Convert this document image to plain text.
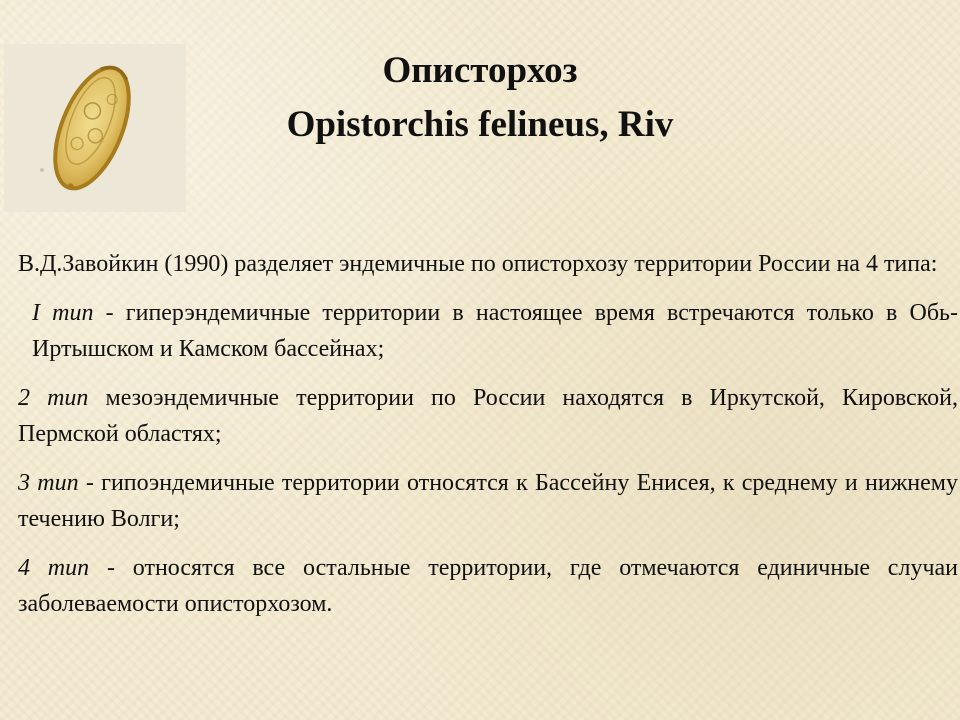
Описторхоз
Opistorchis felineus, Riv

В.Д.Завойкин (1990) разделяет эндемичные по описторхозу территории России на 4 типа:

I тип - гиперэндемичные территории в настоящее время встречаются только в Обь-Иртышском и Камском бассейнах;

2 тип мезоэндемичные территории по России находятся в Иркутской, Кировской, Пермской областях;

3 тип - гипоэндемичные территории относятся к Бассейну Енисея, к среднему и нижнему течению Волги;

4 тип - относятся все остальные территории, где отмечаются единичные случаи заболеваемости описторхозом.
